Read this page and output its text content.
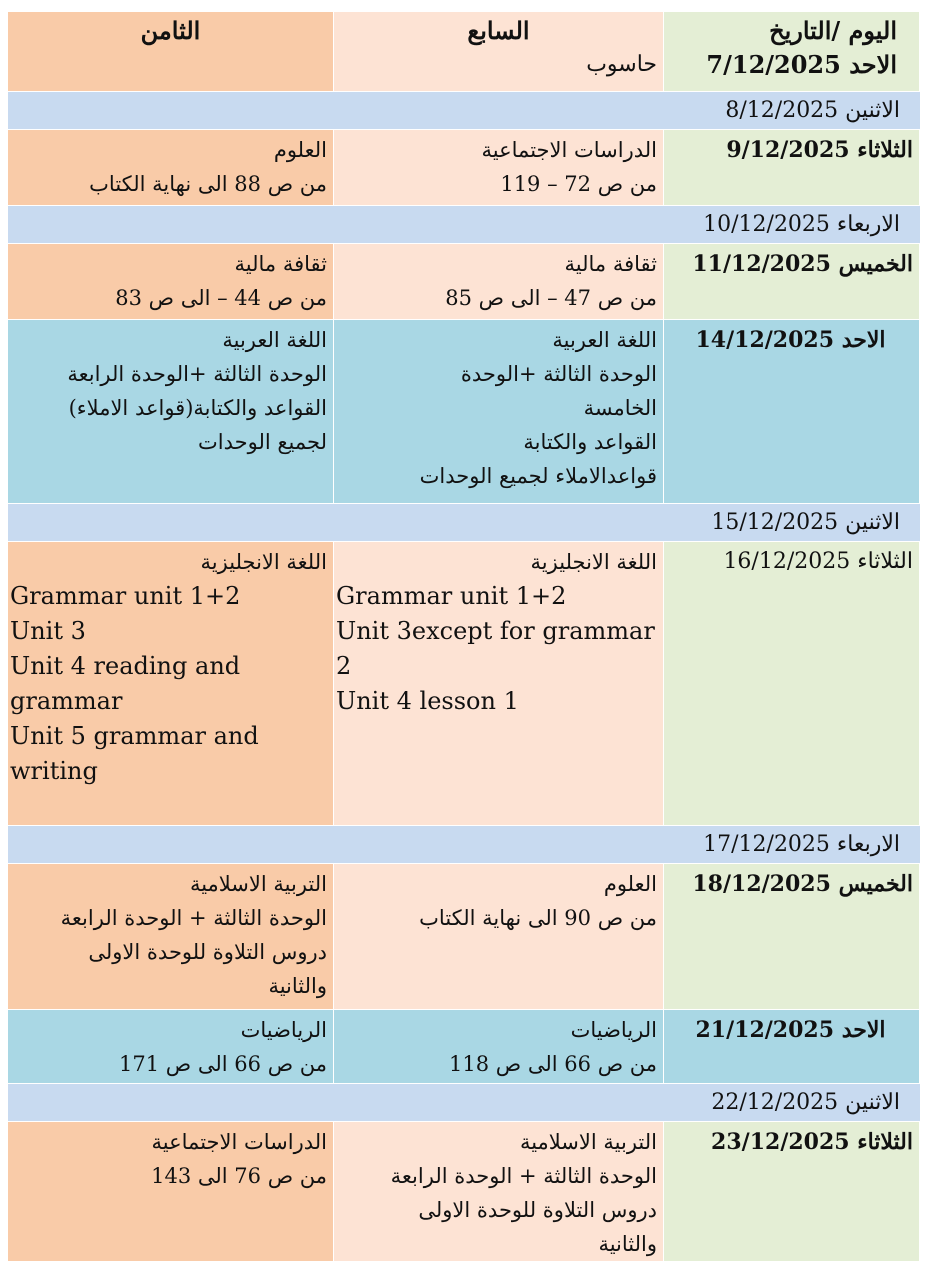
الثامن	السابع
حاسوب
اليوم /التاريخ
الاحد 7/12/2025
الاثنين 8/12/2025
العلوم
من ص 88 الى نهاية الكتاب
الدراسات الاجتماعية
من ص 72 – 119
الثلاثاء 9/12/2025
الاربعاء 10/12/2025
ثقافة مالية
من ص 44 – الى ص 83
ثقافة مالية
من ص 47 – الى ص 85
الخميس 11/12/2025
اللغة العربية
الوحدة الثالثة +الوحدة الرابعة
القواعد والكتابة(قواعد الاملاء)
لجميع الوحدات
اللغة العربية
الوحدة الثالثة +الوحدة
الخامسة
القواعد والكتابة
قواعدالاملاء لجميع الوحدات
الاحد 14/12/2025
الاثنين 15/12/2025
اللغة الانجليزية
Grammar unit 1+2
Unit 3
Unit 4 reading and
grammar
Unit 5 grammar and
writing
اللغة الانجليزية
Grammar unit 1+2
Unit 3except for grammar
2
Unit 4 lesson 1
الثلاثاء 16/12/2025
الاربعاء 17/12/2025
التربية الاسلامية
الوحدة الثالثة + الوحدة الرابعة
دروس التلاوة للوحدة الاولى
والثانية
العلوم
من ص 90 الى نهاية الكتاب
الخميس 18/12/2025
الرياضيات
من ص 66 الى ص 171
الرياضيات
من ص 66 الى ص 118
الاحد 21/12/2025
الاثنين 22/12/2025
الدراسات الاجتماعية
من ص 76 الى 143
التربية الاسلامية
الوحدة الثالثة + الوحدة الرابعة
دروس التلاوة للوحدة الاولى
والثانية
الثلاثاء 23/12/2025
